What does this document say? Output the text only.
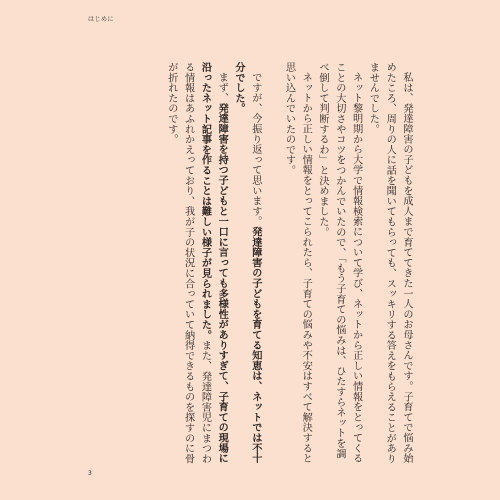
はじめに

私は、発達障害の子どもを成人まで育ててきた一人のお母さんです。子育てで悩み始めたころ、周りの人に話を聞いてもらっても、スッキリする答えをもらえることがありませんでした。

ネット黎明期から大学で情報検索について学び、ネットから正しい情報をとってくることの大切さやコツをつかんでいたので、「もう子育ての悩みは、ひたすらネットを調べ倒して判断するわ」と決めました。

ネットから正しい情報をとってこられたら、子育ての悩みや不安はすべて解決すると思い込んでいたのです。

ですが、今振り返って思います。発達障害の子どもを育てる知恵は、ネットでは不十分でした。

まず、発達障害を持つ子どもと一口に言っても多様性がありすぎて、子育ての現場に沿ったネット記事を作ることは難しい様子が見られました。また、発達障害児にまつわる情報はあふれかえっており、我が子の状況に合っていて納得できるものを探すのに骨が折れたのです。

3
